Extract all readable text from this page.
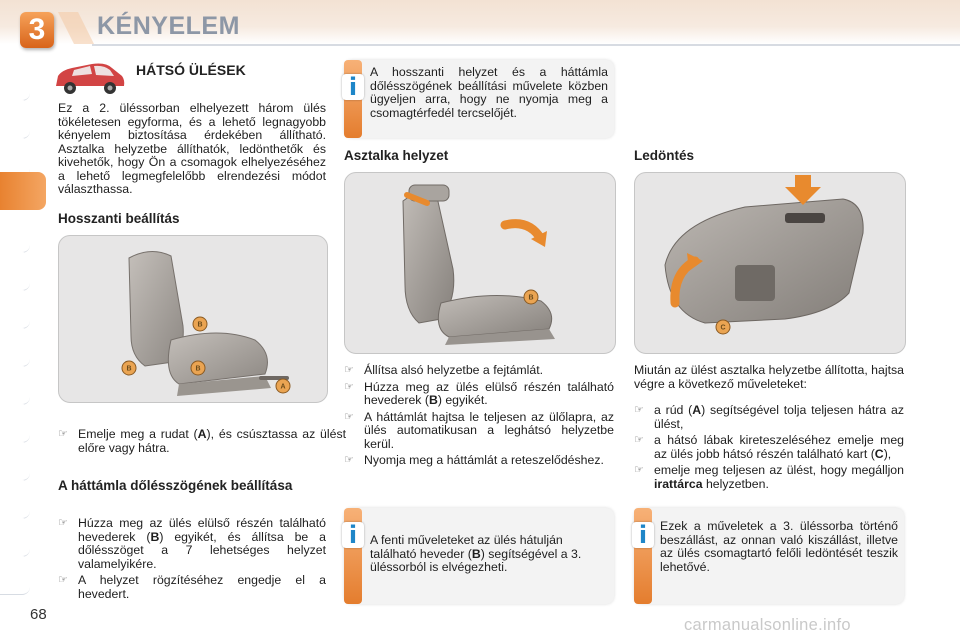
3	KÉNYELEM
HÁTSÓ ÜLÉSEK
Ez a 2. üléssorban elhelyezett három ülés tökéletesen egyforma, és a lehető legnagyobb kényelem biztosítása érdekében állítható. Asztalka helyzetbe állíthatók, ledönthetők és kivehetők, hogy Ön a csomagok elhelyezéséhez a lehető legmegfelelőbb elrendezési módot választhassa.
Hosszanti beállítás
B
B	B
A
☞ Emelje meg a rudat (A), és csúsztassa az ülést előre vagy hátra.
A háttámla dőlésszögének beállítása
☞ Húzza meg az ülés elülső részén található hevederek (B) egyikét, és állítsa be a dőlésszöget a 7 lehetséges helyzet valamelyikére.
☞ A helyzet rögzítéséhez engedje el a hevedert.
i
A hosszanti helyzet és a háttámla dőlésszögének beállítási művelete közben ügyeljen arra, hogy ne nyomja meg a csomagtérfedél tercselőjét.
Asztalka helyzet
B
☞ Állítsa alsó helyzetbe a fejtámlát.
☞ Húzza meg az ülés elülső részén található hevederek (B) egyikét.
☞ A háttámlát hajtsa le teljesen az ülőlapra, az ülés automatikusan a leghátsó helyzetbe kerül.
☞ Nyomja meg a háttámlát a reteszelődéshez.
i	A fenti műveleteket az ülés hátulján található heveder (B) segítségével a 3. üléssorból is elvégezheti.
Ledöntés
C
Miután az ülést asztalka helyzetbe állította, hajtsa végre a következő műveleteket:
☞ a rúd (A) segítségével tolja teljesen hátra az ülést,
☞ a hátsó lábak kireteszeléséhez emelje meg az ülés jobb hátsó részén található kart (C),
☞ emelje meg teljesen az ülést, hogy megálljon irattárca helyzetben.
i	Ezek a műveletek a 3. üléssorba történő beszállást, az onnan való kiszállást, illetve az ülés csomagtartó felőli ledöntését teszik lehetővé.
68
carmanualsonline.info
